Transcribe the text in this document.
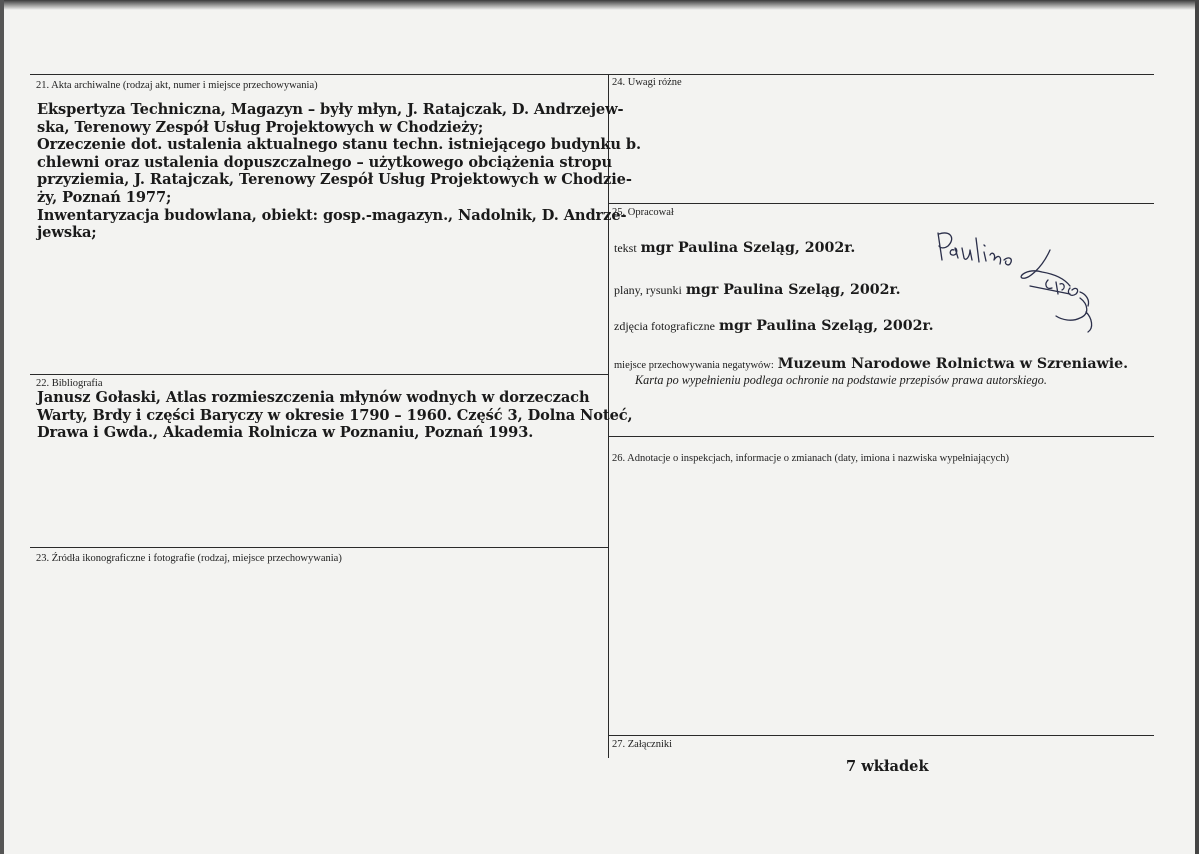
21. Akta archiwalne (rodzaj akt, numer i miejsce przechowywania)

Ekspertyza Techniczna, Magazyn – były młyn, J. Ratajczak, D. Andrzejew-

ska, Terenowy Zespół Usług Projektowych w Chodzieży;

Orzeczenie dot. ustalenia aktualnego stanu techn. istniejącego budynku b.

chlewni oraz ustalenia dopuszczalnego – użytkowego obciążenia stropu

przyziemia, J. Ratajczak, Terenowy Zespół Usług Projektowych w Chodzie-

ży, Poznań 1977;

Inwentaryzacja budowlana, obiekt: gosp.-magazyn., Nadolnik, D. Andrze-

jewska;

22. Bibliografia

Janusz Gołaski, Atlas rozmieszczenia młynów wodnych w dorzeczach

Warty, Brdy i części Baryczy w okresie 1790 – 1960. Część 3, Dolna Noteć,

Drawa i Gwda., Akademia Rolnicza w Poznaniu, Poznań 1993.

23. Źródła ikonograficzne i fotografie (rodzaj, miejsce przechowywania)
24. Uwagi różne
25. Opracował
tekst mgr Paulina Szeląg, 2002r.
plany, rysunki mgr Paulina Szeląg, 2002r.
zdjęcia fotograficzne mgr Paulina Szeląg, 2002r.
miejsce przechowywania negatywów: Muzeum Narodowe Rolnictwa w Szreniawie.
Karta po wypełnieniu podlega ochronie na podstawie przepisów prawa autorskiego.
26. Adnotacje o inspekcjach, informacje o zmianach (daty, imiona i nazwiska wypełniających)
27. Załączniki
7 wkładek
